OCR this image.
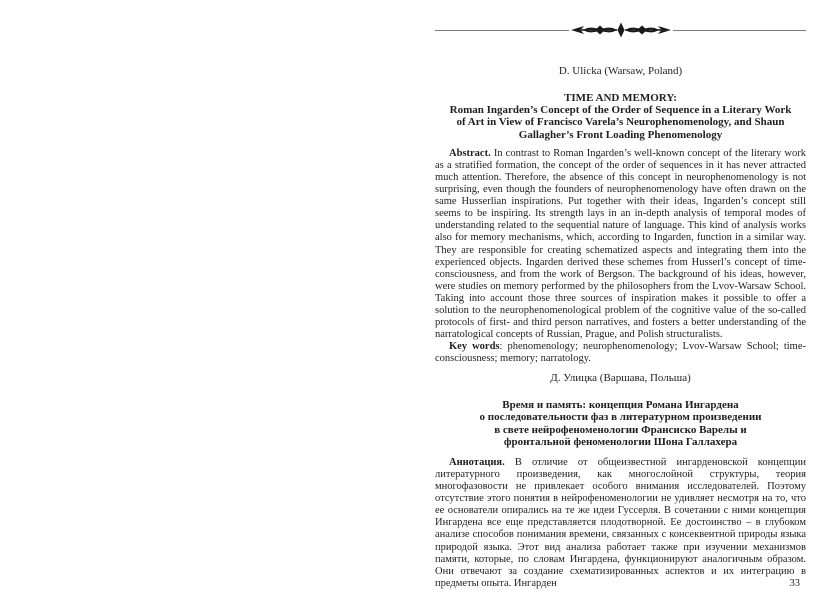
D. Ulicka (Warsaw, Poland)
TIME AND MEMORY:
Roman Ingarden’s Concept of the Order of Sequence in a Literary Work
of Art in View of Francisco Varela’s Neurophenomenology, and Shaun
Gallagher’s Front Loading Phenomenology

Abstract. In contrast to Roman Ingarden’s well-known concept of the literary work as a stratified formation, the concept of the order of sequences in it has never attracted much attention. Therefore, the absence of this concept in neurophenomenology is not surprising, even though the founders of neurophenomenology have often drawn on the same Husserlian inspirations. Put together with their ideas, Ingarden’s concept still seems to be inspiring. Its strength lays in an in-depth analysis of temporal modes of understanding related to the sequential nature of language. This kind of analysis works also for memory mechanisms, which, according to Ingarden, function in a similar way. They are responsible for creating schematized aspects and integrating them into the experienced objects. Ingarden derived these schemes from Husserl’s concept of time-consciousness, and from the work of Bergson. The background of his ideas, however, were studies on memory performed by the philosophers from the Lvov-Warsaw School. Taking into account those three sources of inspiration makes it possible to offer a solution to the neurophenomenological problem of the cognitive value of the so-called protocols of first- and third person narratives, and fosters a better understanding of the narratological concepts of Russian, Prague, and Polish structuralists.

Key words: phenomenology; neurophenomenology; Lvov-Warsaw School; time-consciousness; memory; narratology.

Д. Улицка (Варшава, Польша)
Время и память: концепция Романа Ингардена
о последовательности фаз в литературном произведении
в свете нейрофеноменологии Франсиско Варелы и
фронтальной феноменологии Шона Галлахера

Аннотация. В отличие от общеизвестной ингарденовской концепции литературного произведения, как многослойной структуры, теория многофазовости не привлекает особого внимания исследователей. Поэтому отсутствие этого понятия в нейрофеноменологии не удивляет несмотря на то, что ее основатели опирались на те же идеи Гуссерля. В сочетании с ними концепция Ингардена все еще представляется плодотворной. Ее достоинство – в глубоком анализе способов понимания времени, связанных с консеквентной природы языка природой языка. Этот вид анализа работает также при изучении механизмов памяти, которые, по словам Ингардена, функционируют аналогичным образом. Они отвечают за создание схематизированных аспектов и их интеграцию в предметы опыта. Ингарден	33
